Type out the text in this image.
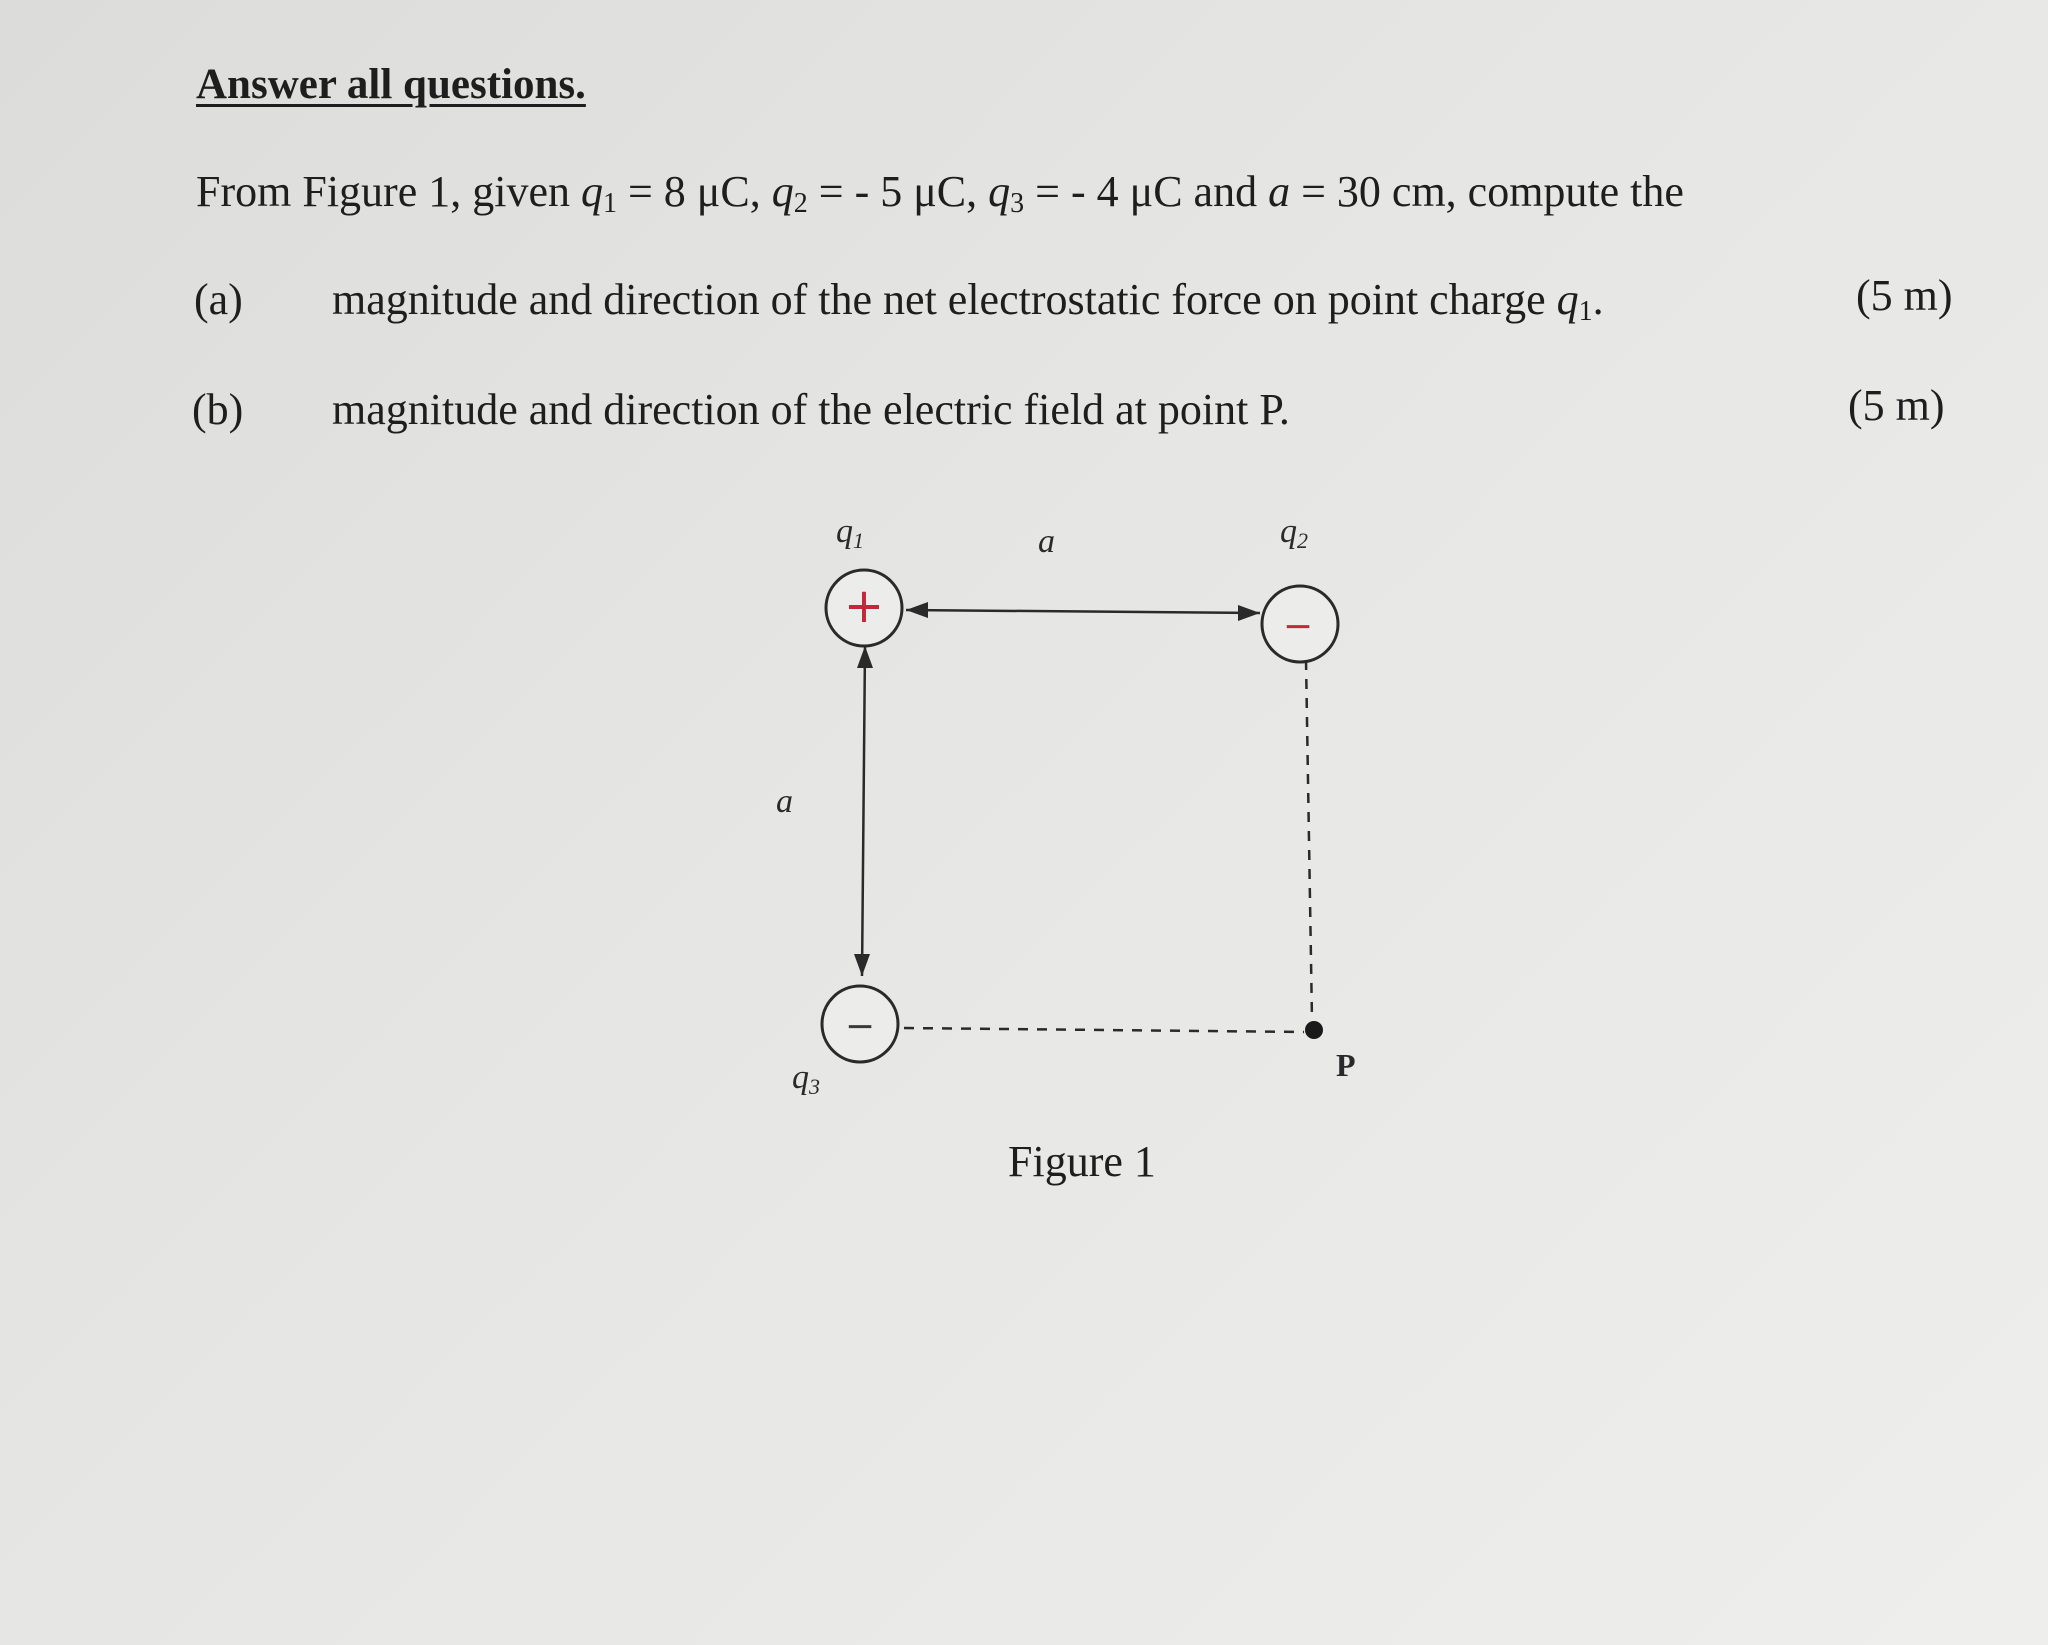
Answer all questions.
From Figure 1, given $q_1 = 8$ μC, $q_2$ = - 5 μC, $q_3$ = - 4 μC and a = 30 cm, compute the
(a) magnitude and direction of the net electrostatic force on point charge $q_1$.	(5 m)
(b) magnitude and direction of the electric field at point P.	(5 m)
+	−
−
q1	q2
q3
a
a
P
Figure 1
